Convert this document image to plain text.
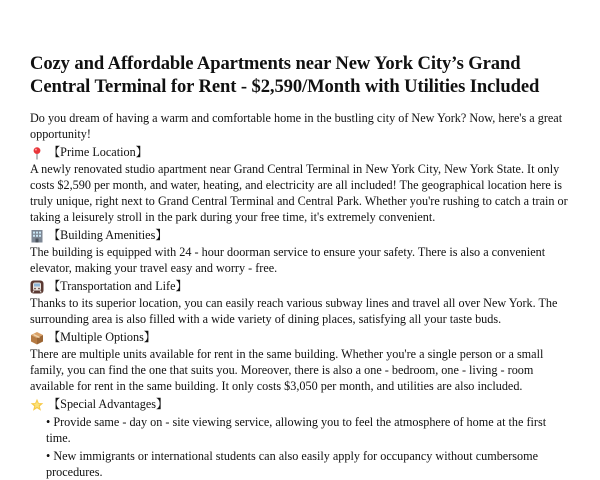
Cozy and Affordable Apartments near New York City’s Grand Central Terminal for Rent - $2,590/Month with Utilities Included

Do you dream of having a warm and comfortable home in the bustling city of New York? Now, here's a great opportunity!

【Prime Location】

A newly renovated studio apartment near Grand Central Terminal in New York City, New York State. It only costs $2,590 per month, and water, heating, and electricity are all included! The geographical location here is truly unique, right next to Grand Central Terminal and Central Park. Whether you're rushing to catch a train or taking a leisurely stroll in the park during your free time, it's extremely convenient.

【Building Amenities】

The building is equipped with 24 - hour doorman service to ensure your safety. There is also a convenient elevator, making your travel easy and worry - free.

【Transportation and Life】

Thanks to its superior location, you can easily reach various subway lines and travel all over New York. The surrounding area is also filled with a wide variety of dining places, satisfying all your taste buds.

【Multiple Options】

There are multiple units available for rent in the same building. Whether you're a single person or a small family, you can find the one that suits you. Moreover, there is also a one - bedroom, one - living - room available for rent in the same building. It only costs $3,050 per month, and utilities are also included.

【Special Advantages】
• Provide same - day on - site viewing service, allowing you to feel the atmosphere of home at the first time.
• New immigrants or international students can also easily apply for occupancy without cumbersome procedures.
